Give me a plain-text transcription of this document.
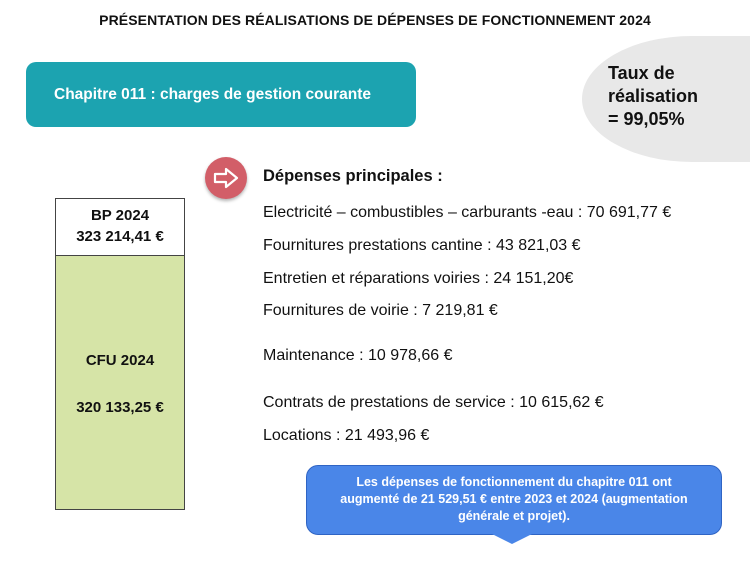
PRÉSENTATION DES RÉALISATIONS DE DÉPENSES DE FONCTIONNEMENT 2024
Chapitre 011 : charges de gestion courante
Taux de
réalisation
= 99,05%
Dépenses principales :
BP 2024
323 214,41 €
CFU 2024
320 133,25 €
Electricité – combustibles – carburants -eau : 70 691,77 €
Fournitures prestations cantine : 43 821,03 €
Entretien et réparations voiries : 24 151,20€
Fournitures de voirie : 7 219,81 €
Maintenance : 10 978,66 €
Contrats de prestations de service : 10 615,62 €
Locations : 21 493,96 €
Les dépenses de fonctionnement du chapitre 011 ont
augmenté de 21 529,51 € entre 2023 et 2024 (augmentation
générale et projet).
